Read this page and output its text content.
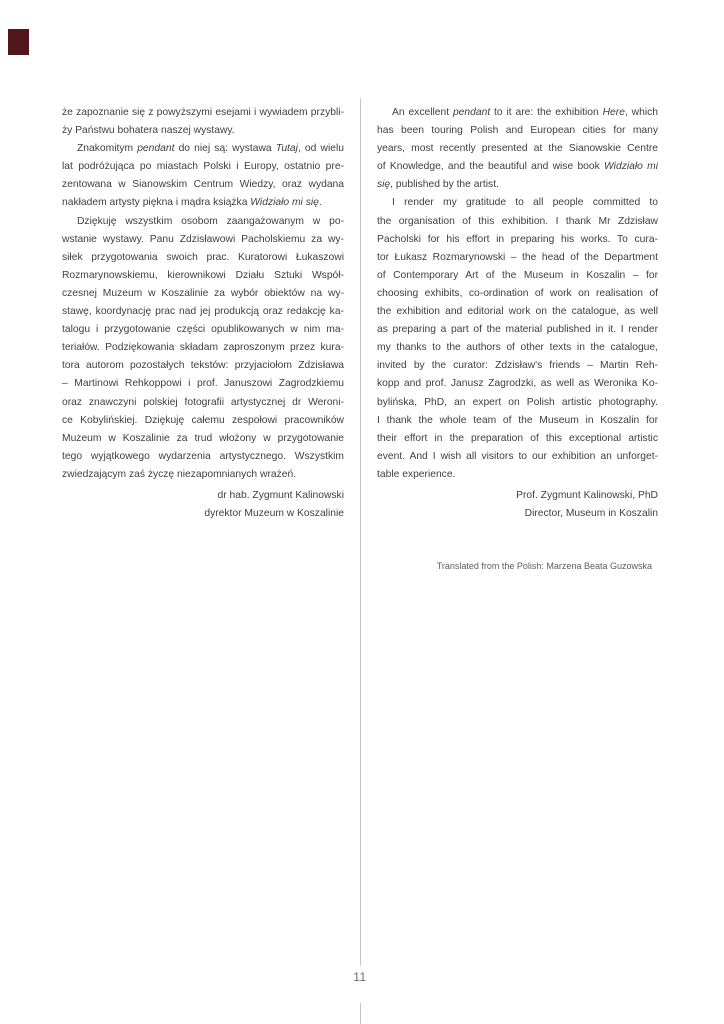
że zapoznanie się z powyższymi esejami i wywiadem przybli-
ży Państwu bohatera naszej wystawy.
Znakomitym pendant do niej są: wystawa Tutaj, od wielu
lat podróżująca po miastach Polski i Europy, ostatnio pre-
zentowana w Sianowskim Centrum Wiedzy, oraz wydana
nakładem artysty piękna i mądra książka Widziało mi się.
Dziękuję wszystkim osobom zaangażowanym w po-
wstanie wystawy. Panu Zdzisławowi Pacholskiemu za wy-
siłek przygotowania swoich prac. Kuratorowi Łukaszowi
Rozmarynowskiemu, kierownikowi Działu Sztuki Współ-
czesnej Muzeum w Koszalinie za wybór obiektów na wy-
stawę, koordynację prac nad jej produkcją oraz redakcję ka-
talogu i przygotowanie części opublikowanych w nim ma-
teriałów. Podziękowania składam zaproszonym przez kura-
tora autorom pozostałych tekstów: przyjaciołom Zdzisława
– Martinowi Rehkoppowi i prof. Januszowi Zagrodzkiemu
oraz znawczyni polskiej fotografii artystycznej dr Weroni-
ce Kobylińskiej. Dziękuję całemu zespołowi pracowników
Muzeum w Koszalinie za trud włożony w przygotowanie
tego wyjątkowego wydarzenia artystycznego. Wszystkim
zwiedzającym zaś życzę niezapomnianych wrażeń.
dr hab. Zygmunt Kalinowski
dyrektor Muzeum w Koszalinie
An excellent pendant to it are: the exhibition Here, which
has been touring Polish and European cities for many
years, most recently presented at the Sianowskie Centre
of Knowledge, and the beautiful and wise book Widziało mi
się, published by the artist.
I render my gratitude to all people committed to
the organisation of this exhibition. I thank Mr Zdzisław
Pacholski for his effort in preparing his works. To cura-
tor Łukasz Rozmarynowski – the head of the Department
of Contemporary Art of the Museum in Koszalin – for
choosing exhibits, co-ordination of work on realisation of
the exhibition and editorial work on the catalogue, as well
as preparing a part of the material published in it. I render
my thanks to the authors of other texts in the catalogue,
invited by the curator: Zdzisław's friends – Martin Reh-
kopp and prof. Janusz Zagrodzki, as well as Weronika Ko-
bylińska, PhD, an expert on Polish artistic photography.
I thank the whole team of the Museum in Koszalin for
their effort in the preparation of this exceptional artistic
event. And I wish all visitors to our exhibition an unforget-
table experience.
Prof. Zygmunt Kalinowski, PhD
Director, Museum in Koszalin
Translated from the Polish: Marzena Beata Guzowska
11
